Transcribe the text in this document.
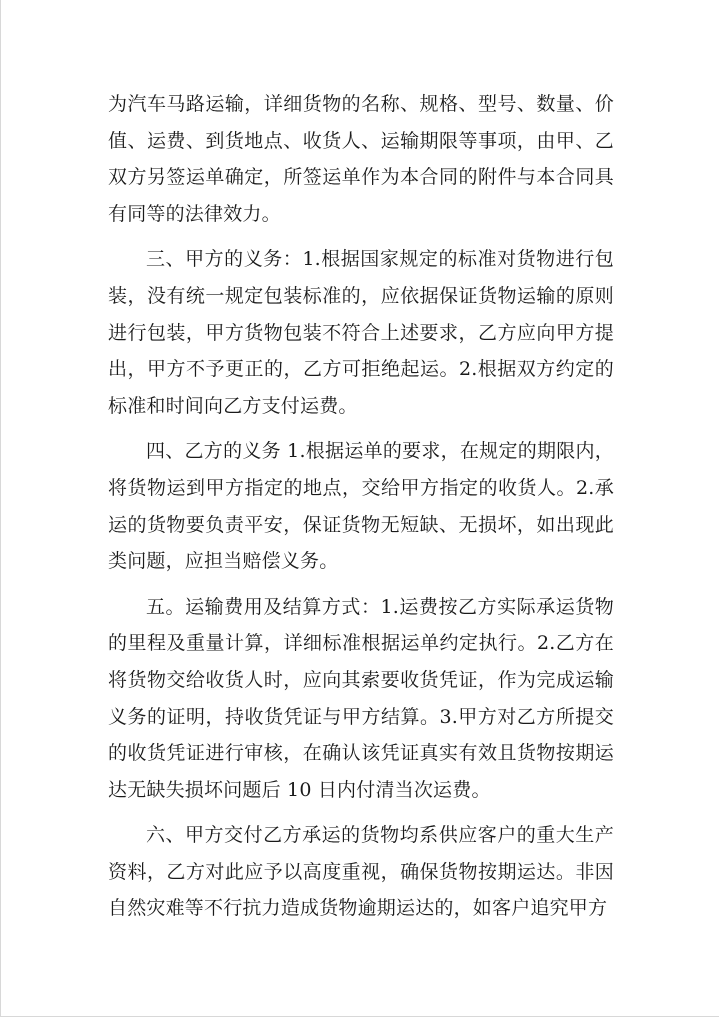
为汽车马路运输，详细货物的名称、规格、型号、数量、价值、运费、到货地点、收货人、运输期限等事项，由甲、乙双方另签运单确定，所签运单作为本合同的附件与本合同具有同等的法律效力。

三、甲方的义务：1.根据国家规定的标准对货物进行包装，没有统一规定包装标准的，应依据保证货物运输的原则进行包装，甲方货物包装不符合上述要求，乙方应向甲方提出，甲方不予更正的，乙方可拒绝起运。2.根据双方约定的标准和时间向乙方支付运费。

四、乙方的义务 1.根据运单的要求，在规定的期限内，将货物运到甲方指定的地点，交给甲方指定的收货人。2.承运的货物要负责平安，保证货物无短缺、无损坏，如出现此类问题，应担当赔偿义务。

五。运输费用及结算方式：1.运费按乙方实际承运货物的里程及重量计算，详细标准根据运单约定执行。2.乙方在将货物交给收货人时，应向其索要收货凭证，作为完成运输义务的证明，持收货凭证与甲方结算。3.甲方对乙方所提交的收货凭证进行审核，在确认该凭证真实有效且货物按期运达无缺失损坏问题后 10 日内付清当次运费。

六、甲方交付乙方承运的货物均系供应客户的重大生产资料，乙方对此应予以高度重视，确保货物按期运达。非因自然灾难等不行抗力造成货物逾期运达的，如客户追究甲方
